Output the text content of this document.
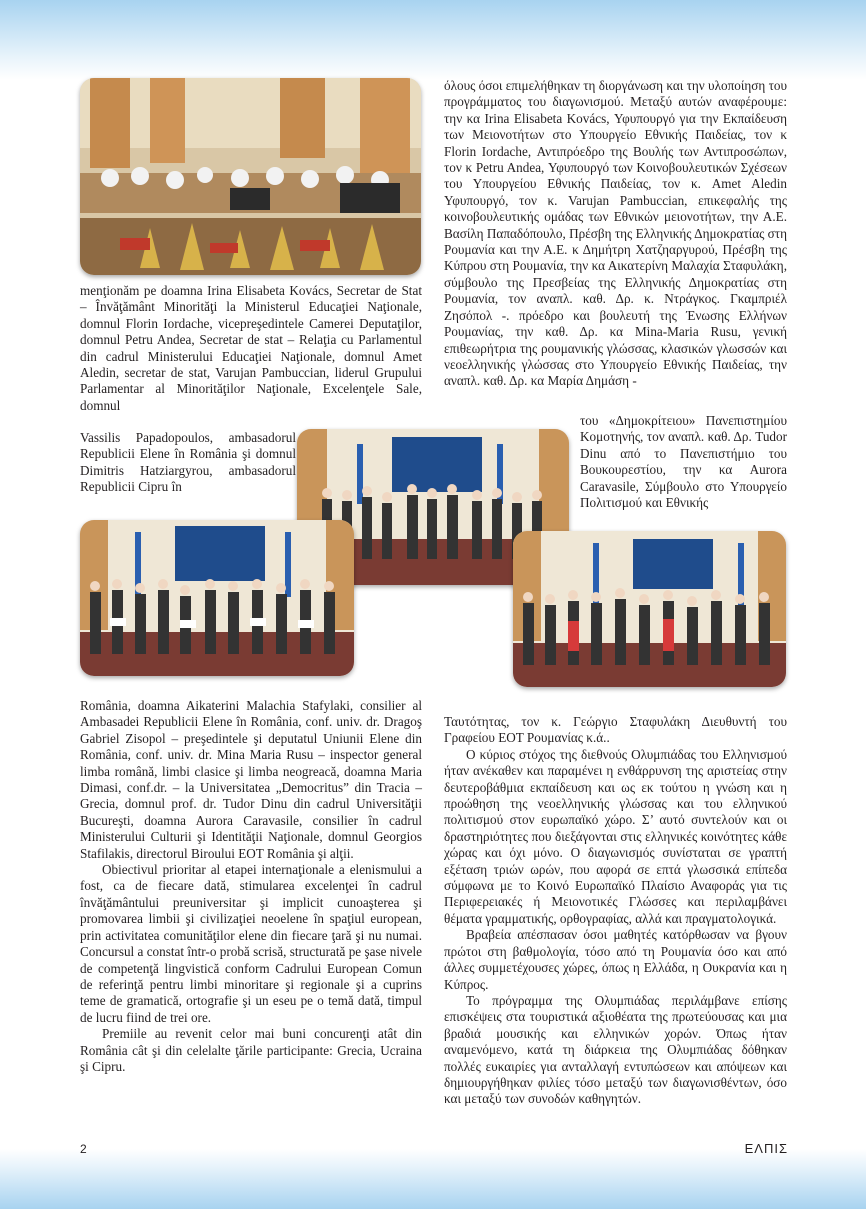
menţionăm pe doamna Irina Elisabeta Kovács, Secretar de Stat – Învăţământ Minorităţi la Ministerul Educaţiei Naţionale, domnul Florin Iordache, vicepreşedintele Camerei Deputaţilor, domnul Petru Andea, Secretar de stat – Relaţia cu Parlamentul din cadrul Ministerului Educaţiei Naţionale, domnul Amet Aledin, secretar de stat, Varujan Pambuccian, liderul Grupului Parlamentar al Minorităţilor Naţionale, Excelenţele Sale, domnul

Vassilis Papadopoulos, ambasadorul Republicii Elene în România şi domnul Dimitris Hatziargyrou, ambasadorul Republicii Cipru în

όλους όσοι επιμελήθηκαν τη διοργάνωση και την υλοποίηση του προγράμματος του διαγωνισμού. Μεταξύ αυτών αναφέρουμε: την κα Irina Elisabeta Kovács, Υφυπουργό για την Εκπαίδευση των Μειονοτήτων στο Υπουργείο Εθνικής Παιδείας, τον κ Florin Iordache, Αντιπρόεδρο της Βουλής των Αντιπροσώπων, τον κ Petru Andea, Υφυπουργό των Κοινοβουλευτικών Σχέσεων του Υπουργείου Εθνικής Παιδείας, τον κ. Amet Aledin Υφυπουργό, τον κ. Varujan Pambuccian, επικεφαλής της κοινοβουλευτικής ομάδας των Εθνικών μειονοτήτων, την Α.Ε. Βασίλη Παπαδόπουλο, Πρέσβη της Ελληνικής Δημοκρατίας στη Ρουμανία και την Α.Ε. κ Δημήτρη Χατζηαργυρού, Πρέσβη της Κύπρου στη Ρουμανία, την κα Αικατερίνη Μαλαχία Σταφυλάκη, σύμβουλο της Πρεσβείας της Ελληνικής Δημοκρατίας στη Ρουμανία, τον αναπλ. καθ. Δρ. κ. Ντράγκος. Γκαμπριέλ Ζησόπολ -. πρόεδρο και βουλευτή της Ένωσης Ελλήνων Ρουμανίας, την καθ. Δρ. κα Mina-Maria Rusu, γενική επιθεωρήτρια της ρουμανικής γλώσσας, κλασικών γλωσσών και νεοελληνικής γλώσσας στο Υπουργείο Εθνικής Παιδείας, την αναπλ. καθ. Δρ. κα Μαρία Δημάση -

του «Δημοκρίτειου» Πανεπιστημίου Κομοτηνής, τον αναπλ. καθ. Δρ. Tudor Dinu από το Πανεπιστήμιο του Βουκουρεστίου, την κα Aurora Caravasile, Σύμβουλο στο Υπουργείο Πολιτισμού και Εθνικής

România, doamna Aikaterini Malachia Stafylaki, consilier al Ambasadei Republicii Elene în România, conf. univ. dr. Dragoş Gabriel Zisopol – preşedintele şi deputatul Uniunii Elene din România, conf. univ. dr. Mina Maria Rusu – inspector general limba română, limbi clasice şi limba neogreacă, doamna Maria Dimasi, conf.dr. – la Universitatea „Democritus” din Tracia – Grecia, domnul prof. dr. Tudor Dinu din cadrul Universităţii Bucureşti, doamna Aurora Caravasile, consilier în cadrul Ministerului Culturii şi Identităţii Naţionale, domnul Georgios Stafilakis, directorul Biroului EOT România şi alţii.

Obiectivul prioritar al etapei internaţionale a elenismului a fost, ca de fiecare dată, stimularea excelenţei în cadrul învăţământului preuniversitar şi implicit cunoaşterea şi promovarea limbii şi civilizaţiei neoelene în spaţiul european, prin activitatea comunităţilor elene din fiecare ţară şi nu numai. Concursul a constat într-o probă scrisă, structurată pe şase nivele de competenţă lingvistică conform Cadrului European Comun de referinţă pentru limbi minoritare şi regionale şi a cuprins teme de gramatică, ortografie şi un eseu pe o temă dată, timpul de lucru fiind de trei ore.

Premiile au revenit celor mai buni concurenţi atât din România cât şi din celelalte ţările participante: Grecia, Ucraina şi Cipru.

Ταυτότητας, τον κ. Γεώργιο Σταφυλάκη Διευθυντή του Γραφείου EOT Ρουμανίας κ.ά..

Ο κύριος στόχος της διεθνούς Ολυμπιάδας του Ελληνισμού ήταν ανέκαθεν και παραμένει η ενθάρρυνση της αριστείας στην δευτεροβάθμια εκπαίδευση και ως εκ τούτου η γνώση και η προώθηση της νεοελληνικής γλώσσας και του ελληνικού πολιτισμού στον ευρωπαϊκό χώρο. Σ’ αυτό συντελούν και οι δραστηριότητες που διεξάγονται στις ελληνικές κοινότητες κάθε χώρας και όχι μόνο. Ο διαγωνισμός συνίσταται σε γραπτή εξέταση τριών ωρών, που αφορά σε επτά γλωσσικά επίπεδα σύμφωνα με το Κοινό Ευρωπαϊκό Πλαίσιο Αναφοράς για τις Περιφερειακές ή Μειονοτικές Γλώσσες και περιλαμβάνει θέματα γραμματικής, ορθογραφίας, αλλά και πραγματολογικά.

Βραβεία απέσπασαν όσοι μαθητές κατόρθωσαν να βγουν πρώτοι στη βαθμολογία, τόσο από τη Ρουμανία όσο και από άλλες συμμετέχουσες χώρες, όπως η Ελλάδα, η Ουκρανία και η Κύπρος.

Το πρόγραμμα της Ολυμπιάδας περιλάμβανε επίσης επισκέψεις στα τουριστικά αξιοθέατα της πρωτεύουσας και μια βραδιά μουσικής και ελληνικών χορών. Όπως ήταν αναμενόμενο, κατά τη διάρκεια της Ολυμπιάδας δόθηκαν πολλές ευκαιρίες για ανταλλαγή εντυπώσεων και απόψεων και δημιουργήθηκαν φιλίες τόσο μεταξύ των διαγωνισθέντων, όσο και μεταξύ των συνοδών καθηγητών.

2	ΕΛΠΙΣ
